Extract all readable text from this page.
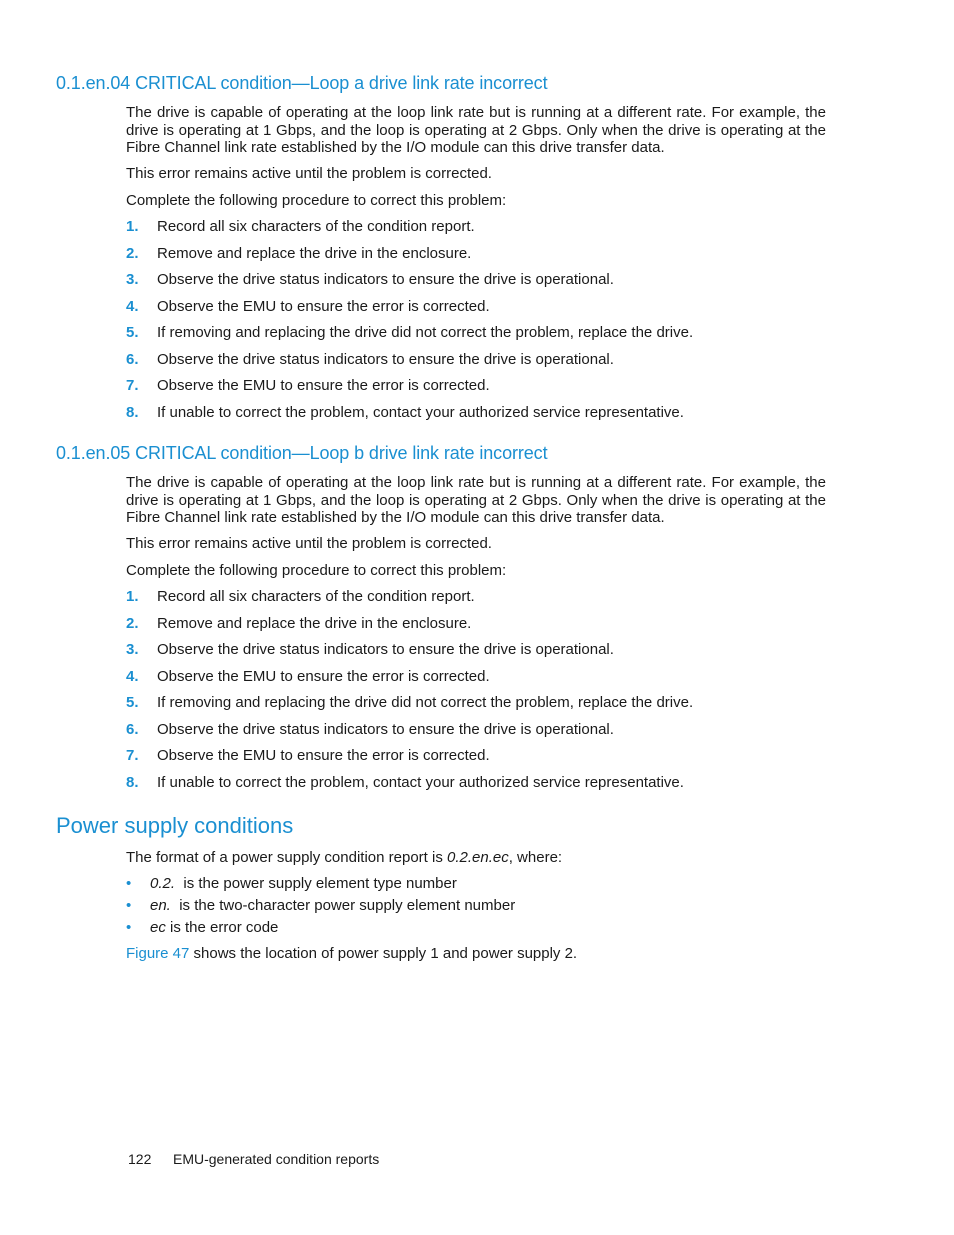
0.1.en.04 CRITICAL condition—Loop a drive link rate incorrect

The drive is capable of operating at the loop link rate but is running at a different rate. For example, the drive is operating at 1 Gbps, and the loop is operating at 2 Gbps. Only when the drive is operating at the Fibre Channel link rate established by the I/O module can this drive transfer data.

This error remains active until the problem is corrected.
Complete the following procedure to correct this problem:
1. Record all six characters of the condition report.
2. Remove and replace the drive in the enclosure.
3. Observe the drive status indicators to ensure the drive is operational.
4. Observe the EMU to ensure the error is corrected.
5. If removing and replacing the drive did not correct the problem, replace the drive.
6. Observe the drive status indicators to ensure the drive is operational.
7. Observe the EMU to ensure the error is corrected.
8. If unable to correct the problem, contact your authorized service representative.
0.1.en.05 CRITICAL condition—Loop b drive link rate incorrect

The drive is capable of operating at the loop link rate but is running at a different rate. For example, the drive is operating at 1 Gbps, and the loop is operating at 2 Gbps. Only when the drive is operating at the Fibre Channel link rate established by the I/O module can this drive transfer data.

This error remains active until the problem is corrected.
Complete the following procedure to correct this problem:
1. Record all six characters of the condition report.
2. Remove and replace the drive in the enclosure.
3. Observe the drive status indicators to ensure the drive is operational.
4. Observe the EMU to ensure the error is corrected.
5. If removing and replacing the drive did not correct the problem, replace the drive.
6. Observe the drive status indicators to ensure the drive is operational.
7. Observe the EMU to ensure the error is corrected.
8. If unable to correct the problem, contact your authorized service representative.
Power supply conditions
The format of a power supply condition report is 0.2.en.ec, where:
• 0.2.  is the power supply element type number
• en.  is the two-character power supply element number
• ec is the error code
Figure 47 shows the location of power supply 1 and power supply 2.
122 EMU-generated condition reports
